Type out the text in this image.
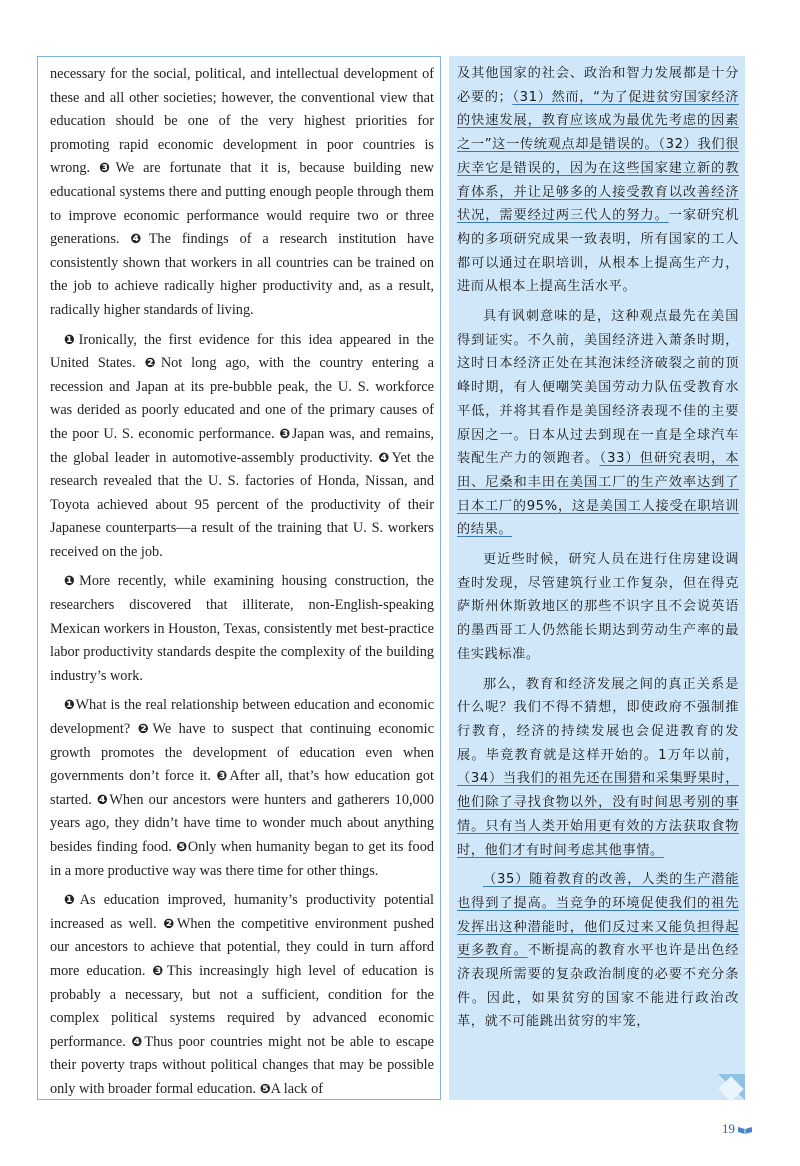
necessary for the social, political, and intellectual development of these and all other societies; however, the conventional view that education should be one of the very highest priorities for promoting rapid economic development in poor countries is wrong. ❸We are fortunate that it is, because building new educational systems there and putting enough people through them to improve economic performance would require two or three generations. ❹The findings of a research institution have consistently shown that workers in all countries can be trained on the job to achieve radically higher productivity and, as a result, radically higher standards of living.

❶Ironically, the first evidence for this idea appeared in the United States. ❷Not long ago, with the country entering a recession and Japan at its pre-bubble peak, the U. S. workforce was derided as poorly educated and one of the primary causes of the poor U. S. economic performance. ❸Japan was, and remains, the global leader in automotive-assembly productivity. ❹Yet the research revealed that the U. S. factories of Honda, Nissan, and Toyota achieved about 95 percent of the productivity of their Japanese counterparts—a result of the training that U. S. workers received on the job.

❶More recently, while examining housing construction, the researchers discovered that illiterate, non-English-speaking Mexican workers in Houston, Texas, consistently met best-practice labor productivity standards despite the complexity of the building industry’s work.

❶What is the real relationship between education and economic development? ❷We have to suspect that continuing economic growth promotes the development of education even when governments don’t force it. ❸After all, that’s how education got started. ❹When our ancestors were hunters and gatherers 10,000 years ago, they didn’t have time to wonder much about anything besides finding food. ❺Only when humanity began to get its food in a more productive way was there time for other things.

❶As education improved, humanity’s productivity potential increased as well. ❷When the competitive environment pushed our ancestors to achieve that potential, they could in turn afford more education. ❸This increasingly high level of education is probably a necessary, but not a sufficient, condition for the complex political systems required by advanced economic performance. ❹Thus poor countries might not be able to escape their poverty traps without political changes that may be possible only with broader formal education. ❺A lack of

及其他国家的社会、政治和智力发展都是十分必要的；（31）然而，“为了促进贫穷国家经济的快速发展，教育应该成为最优先考虑的因素之一”这一传统观点却是错误的。（32）我们很庆幸它是错误的，因为在这些国家建立新的教育体系，并让足够多的人接受教育以改善经济状况，需要经过两三代人的努力。一家研究机构的多项研究成果一致表明，所有国家的工人都可以通过在职培训，从根本上提高生产力，进而从根本上提高生活水平。

具有讽刺意味的是，这种观点最先在美国得到证实。不久前，美国经济进入萧条时期，这时日本经济正处在其泡沫经济破裂之前的顶峰时期，有人便嘲笑美国劳动力队伍受教育水平低，并将其看作是美国经济表现不佳的主要原因之一。日本从过去到现在一直是全球汽车装配生产力的领跑者。（33）但研究表明，本田、尼桑和丰田在美国工厂的生产效率达到了日本工厂的95%，这是美国工人接受在职培训的结果。

更近些时候，研究人员在进行住房建设调查时发现，尽管建筑行业工作复杂，但在得克萨斯州休斯敦地区的那些不识字且不会说英语的墨西哥工人仍然能长期达到劳动生产率的最佳实践标准。

那么，教育和经济发展之间的真正关系是什么呢？我们不得不猜想，即使政府不强制推行教育，经济的持续发展也会促进教育的发展。毕竟教育就是这样开始的。1万年以前，（34）当我们的祖先还在围猎和采集野果时，他们除了寻找食物以外，没有时间思考别的事情。只有当人类开始用更有效的方法获取食物时，他们才有时间考虑其他事情。

（35）随着教育的改善，人类的生产潜能也得到了提高。当竞争的环境促使我们的祖先发挥出这种潜能时，他们反过来又能负担得起更多教育。不断提高的教育水平也许是出色经济表现所需要的复杂政治制度的必要不充分条件。因此，如果贫穷的国家不能进行政治改革，就不可能跳出贫穷的牢笼，

19
